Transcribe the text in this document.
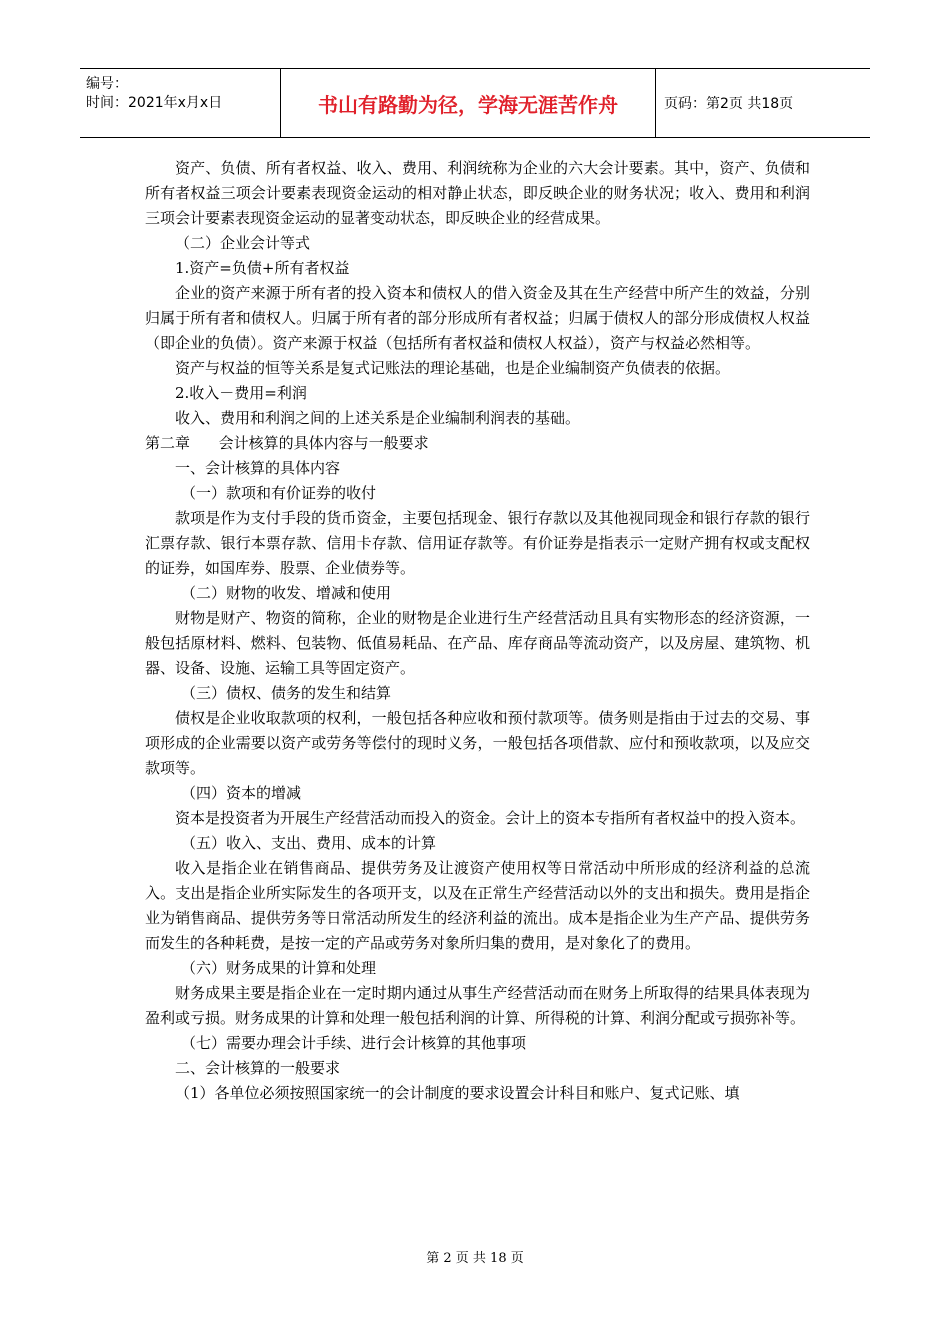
编号：
时间：2021年x月x日	书山有路勤为径，学海无涯苦作舟	页码：第2页 共18页

资产、负债、所有者权益、收入、费用、利润统称为企业的六大会计要素。其中，资产、负债和所有者权益三项会计要素表现资金运动的相对静止状态，即反映企业的财务状况；收入、费用和利润三项会计要素表现资金运动的显著变动状态，即反映企业的经营成果。

（二）企业会计等式

1.资产=负债+所有者权益

企业的资产来源于所有者的投入资本和债权人的借入资金及其在生产经营中所产生的效益，分别归属于所有者和债权人。归属于所有者的部分形成所有者权益；归属于债权人的部分形成债权人权益（即企业的负债）。资产来源于权益（包括所有者权益和债权人权益），资产与权益必然相等。

资产与权益的恒等关系是复式记账法的理论基础，也是企业编制资产负债表的依据。

2.收入－费用=利润

收入、费用和利润之间的上述关系是企业编制利润表的基础。

第二章      会计核算的具体内容与一般要求

一、会计核算的具体内容

（一）款项和有价证券的收付

款项是作为支付手段的货币资金，主要包括现金、银行存款以及其他视同现金和银行存款的银行汇票存款、银行本票存款、信用卡存款、信用证存款等。有价证券是指表示一定财产拥有权或支配权的证券，如国库券、股票、企业债券等。

（二）财物的收发、增减和使用

财物是财产、物资的简称，企业的财物是企业进行生产经营活动且具有实物形态的经济资源，一般包括原材料、燃料、包装物、低值易耗品、在产品、库存商品等流动资产，以及房屋、建筑物、机器、设备、设施、运输工具等固定资产。

（三）债权、债务的发生和结算

债权是企业收取款项的权利，一般包括各种应收和预付款项等。债务则是指由于过去的交易、事项形成的企业需要以资产或劳务等偿付的现时义务，一般包括各项借款、应付和预收款项，以及应交款项等。

（四）资本的增减

资本是投资者为开展生产经营活动而投入的资金。会计上的资本专指所有者权益中的投入资本。

（五）收入、支出、费用、成本的计算

收入是指企业在销售商品、提供劳务及让渡资产使用权等日常活动中所形成的经济利益的总流入。支出是指企业所实际发生的各项开支，以及在正常生产经营活动以外的支出和损失。费用是指企业为销售商品、提供劳务等日常活动所发生的经济利益的流出。成本是指企业为生产产品、提供劳务而发生的各种耗费，是按一定的产品或劳务对象所归集的费用，是对象化了的费用。

（六）财务成果的计算和处理

财务成果主要是指企业在一定时期内通过从事生产经营活动而在财务上所取得的结果具体表现为盈利或亏损。财务成果的计算和处理一般包括利润的计算、所得税的计算、利润分配或亏损弥补等。

（七）需要办理会计手续、进行会计核算的其他事项

二、会计核算的一般要求

（1）各单位必须按照国家统一的会计制度的要求设置会计科目和账户、复式记账、填

第 2 页 共 18 页
